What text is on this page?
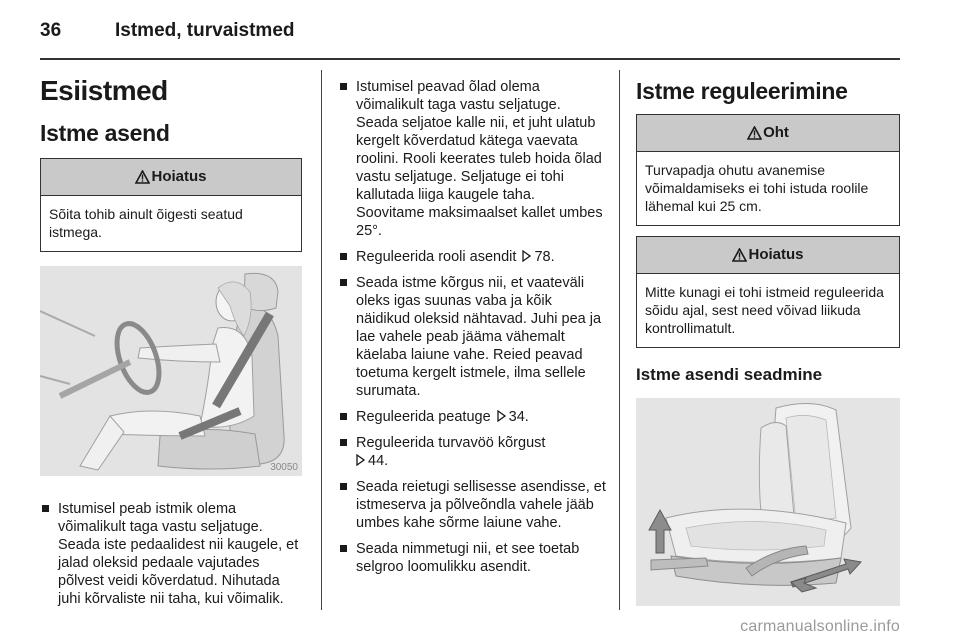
36	Istmed, turvaistmed
Esiistmed
Istme asend
Hoiatus
Sõita tohib ainult õigesti seatud istmega.
30050
Istumisel peab istmik olema võimalikult taga vastu seljatuge. Seada iste pedaalidest nii kaugele, et jalad oleksid pedaale vajutades põlvest veidi kõverdatud. Nihutada juhi kõrvaliste nii taha, kui võimalik.
Istumisel peavad õlad olema võimalikult taga vastu seljatuge. Seada seljatoe kalle nii, et juht ulatub kergelt kõverdatud kätega vaevata roolini. Rooli keerates tuleb hoida õlad vastu seljatuge. Seljatuge ei tohi kallutada liiga kaugele taha. Soovitame maksimaalset kallet umbes 25°.
Reguleerida rooli asendit 78.
Seada istme kõrgus nii, et vaateväli oleks igas suunas vaba ja kõik näidikud oleksid nähtavad. Juhi pea ja lae vahele peab jääma vähemalt käelaba laiune vahe. Reied peavad toetuma kergelt istmele, ilma sellele surumata.
Reguleerida peatuge 34.
Reguleerida turvavöö kõrgust
44.
Seada reietugi sellisesse asendisse, et istmeserva ja põlveõndla vahele jääb umbes kahe sõrme laiune vahe.
Seada nimmetugi nii, et see toetab selgroo loomulikku asendit.
Istme reguleerimine
Oht
Turvapadja ohutu avanemise võimaldamiseks ei tohi istuda roolile lähemal kui 25 cm.
Hoiatus
Mitte kunagi ei tohi istmeid reguleerida sõidu ajal, sest need võivad liikuda kontrollimatult.
Istme asendi seadmine
carmanualsonline.info
